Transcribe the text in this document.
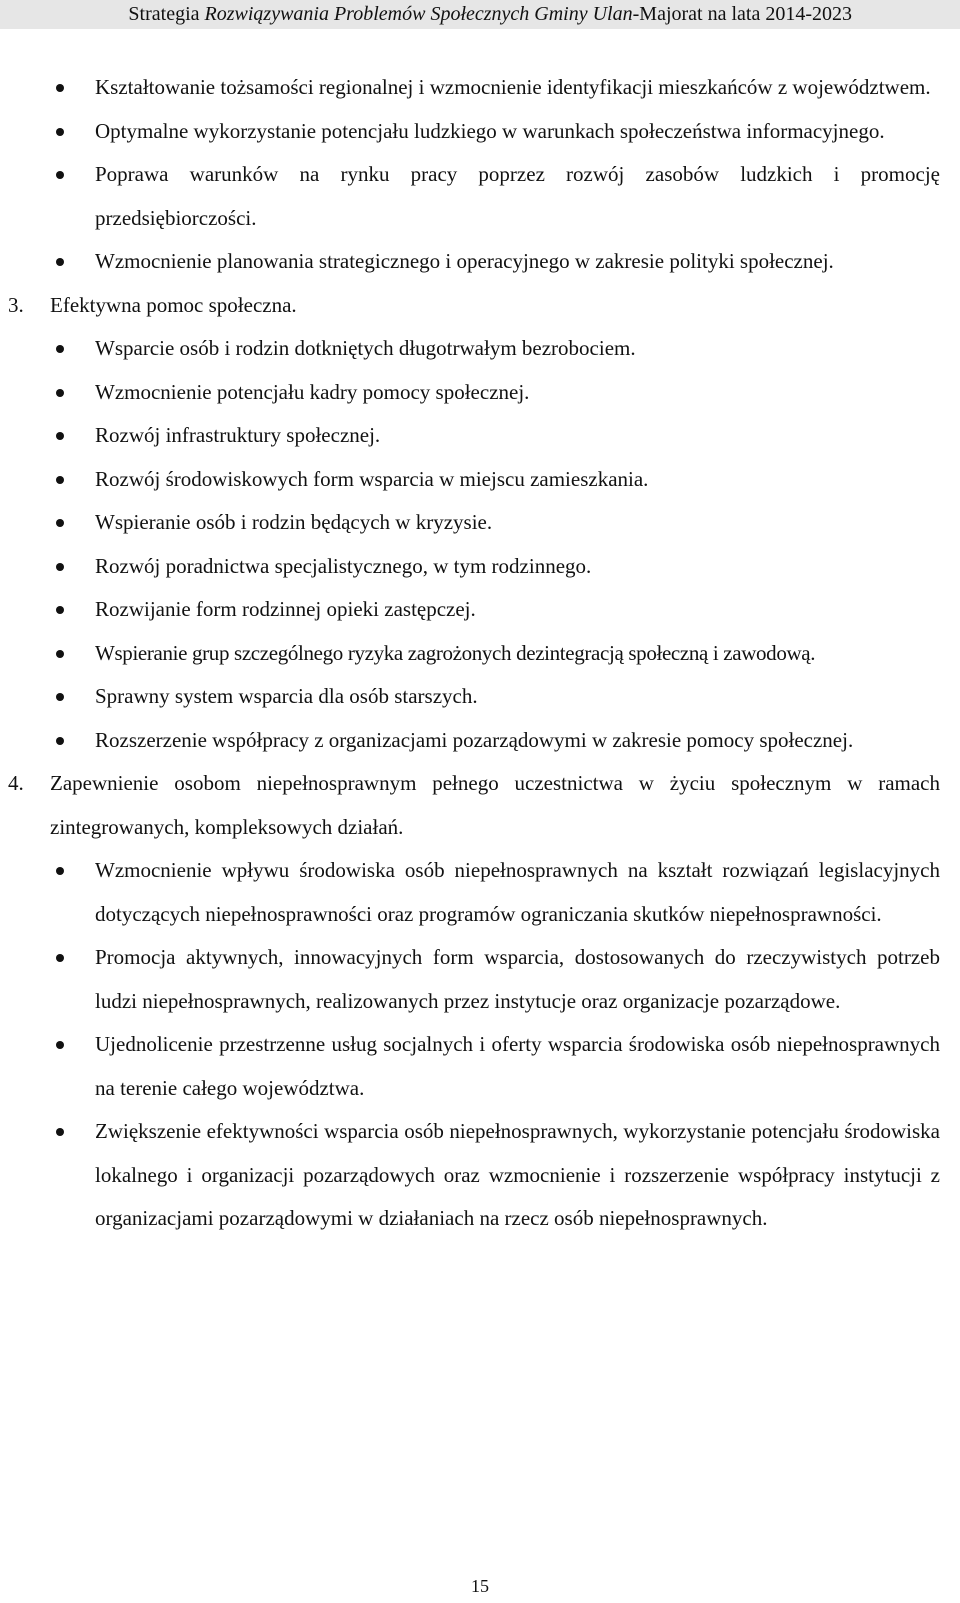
Strategia Rozwiązywania Problemów Społecznych Gminy Ulan-Majorat na lata 2014-2023
Kształtowanie tożsamości regionalnej i wzmocnienie identyfikacji mieszkańców z województwem.
Optymalne wykorzystanie potencjału ludzkiego w warunkach społeczeństwa informacyjnego.
Poprawa warunków na rynku pracy poprzez rozwój zasobów ludzkich i promocję przedsiębiorczości.
Wzmocnienie planowania strategicznego i operacyjnego w zakresie polityki społecznej.
3. Efektywna pomoc społeczna.
Wsparcie osób i rodzin dotkniętych długotrwałym bezrobociem.
Wzmocnienie potencjału kadry pomocy społecznej.
Rozwój infrastruktury społecznej.
Rozwój środowiskowych form wsparcia w miejscu zamieszkania.
Wspieranie osób i rodzin będących w kryzysie.
Rozwój poradnictwa specjalistycznego, w tym rodzinnego.
Rozwijanie form rodzinnej opieki zastępczej.
Wspieranie grup szczególnego ryzyka zagrożonych dezintegracją społeczną i zawodową.
Sprawny system wsparcia dla osób starszych.
Rozszerzenie współpracy z organizacjami pozarządowymi w zakresie pomocy społecznej.
4. Zapewnienie osobom niepełnosprawnym pełnego uczestnictwa w życiu społecznym w ramach zintegrowanych, kompleksowych działań.
Wzmocnienie wpływu środowiska osób niepełnosprawnych na kształt rozwiązań legislacyjnych dotyczących niepełnosprawności oraz programów ograniczania skutków niepełnosprawności.
Promocja aktywnych, innowacyjnych form wsparcia, dostosowanych do rzeczywistych potrzeb ludzi niepełnosprawnych, realizowanych przez instytucje oraz organizacje pozarządowe.
Ujednolicenie przestrzenne usług socjalnych i oferty wsparcia środowiska osób niepełnosprawnych na terenie całego województwa.
Zwiększenie efektywności wsparcia osób niepełnosprawnych, wykorzystanie potencjału środowiska lokalnego i organizacji pozarządowych oraz wzmocnienie i rozszerzenie współpracy instytucji z organizacjami pozarządowymi w działaniach na rzecz osób niepełnosprawnych.
15
